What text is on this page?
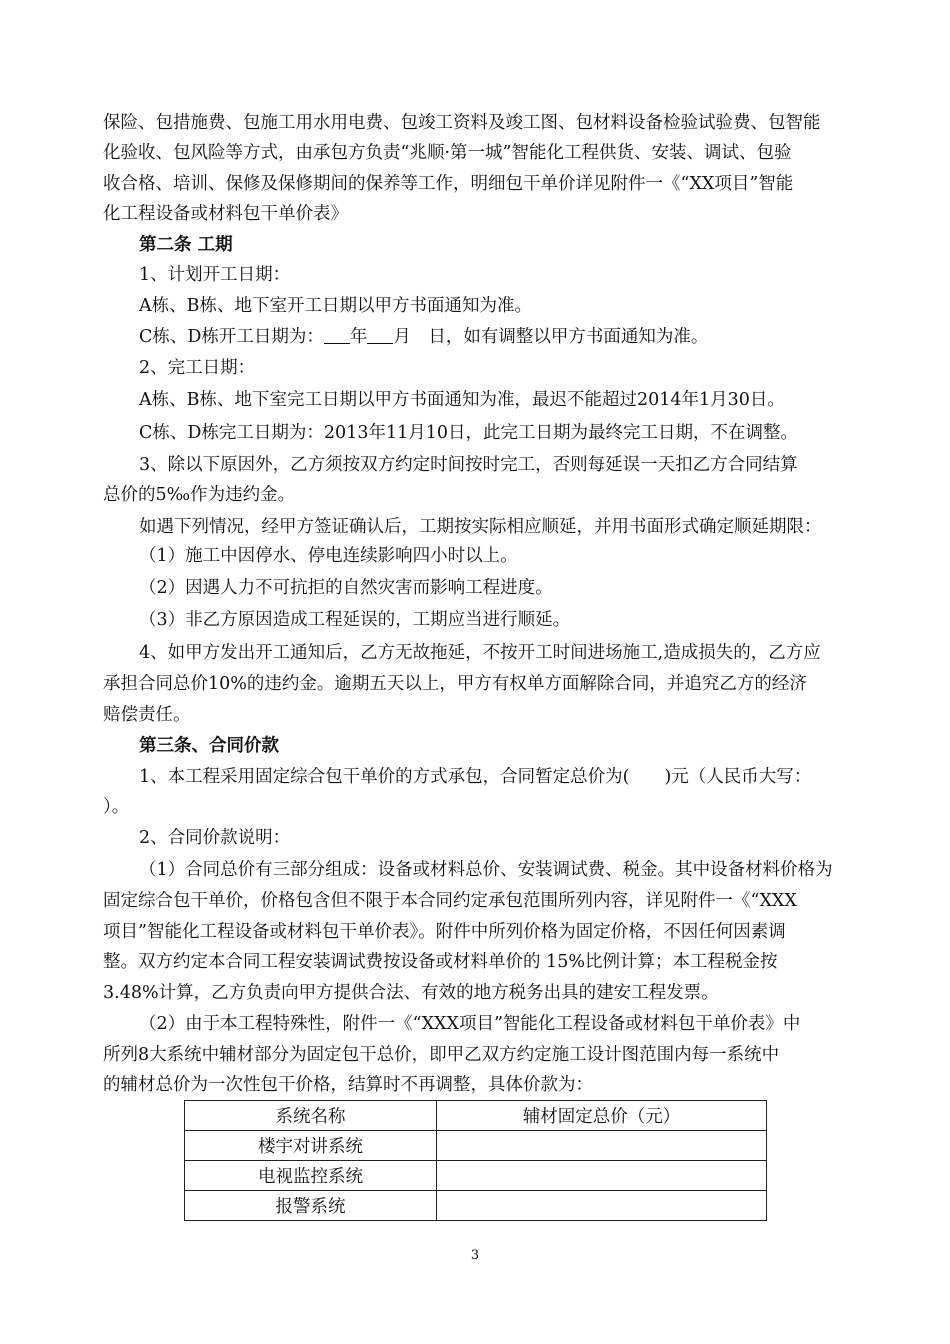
保险、包措施费、包施工用水用电费、包竣工资料及竣工图、包材料设备检验试验费、包智能
化验收、包风险等方式，由承包方负责“兆顺·第一城”智能化工程供货、安装、调试、包验
收合格、培训、保修及保修期间的保养等工作，明细包干单价详见附件一《“XX项目”智能
化工程设备或材料包干单价表》
第二条 工期
1、计划开工日期：
A栋、B栋、地下室开工日期以甲方书面通知为准。
C栋、D栋开工日期为： 年 月　日，如有调整以甲方书面通知为准。
2、完工日期：
A栋、B栋、地下室完工日期以甲方书面通知为准，最迟不能超过2014年1月30日。
C栋、D栋完工日期为：2013年11月10日，此完工日期为最终完工日期，不在调整。
3、除以下原因外，乙方须按双方约定时间按时完工，否则每延误一天扣乙方合同结算
总价的5‰作为违约金。
如遇下列情况，经甲方签证确认后，工期按实际相应顺延，并用书面形式确定顺延期限：
（1）施工中因停水、停电连续影响四小时以上。
（2）因遇人力不可抗拒的自然灾害而影响工程进度。
（3）非乙方原因造成工程延误的，工期应当进行顺延。
4、如甲方发出开工通知后，乙方无故拖延，不按开工时间进场施工,造成损失的，乙方应
承担合同总价10%的违约金。逾期五天以上，甲方有权单方面解除合同，并追究乙方的经济
赔偿责任。
第三条、合同价款
1、本工程采用固定综合包干单价的方式承包，合同暂定总价为(　　)元（人民币大写：
）。
2、合同价款说明：
（1）合同总价有三部分组成：设备或材料总价、安装调试费、税金。其中设备材料价格为
固定综合包干单价，价格包含但不限于本合同约定承包范围所列内容，详见附件一《“XXX
项目”智能化工程设备或材料包干单价表》。附件中所列价格为固定价格，不因任何因素调
整。双方约定本合同工程安装调试费按设备或材料单价的 15%比例计算；本工程税金按
3.48%计算，乙方负责向甲方提供合法、有效的地方税务出具的建安工程发票。
（2）由于本工程特殊性，附件一《“XXX项目”智能化工程设备或材料包干单价表》中
所列8大系统中辅材部分为固定包干总价，即甲乙双方约定施工设计图范围内每一系统中
的辅材总价为一次性包干价格，结算时不再调整，具体价款为：
系统名称	辅材固定总价（元）
楼宇对讲系统	
电视监控系统	
报警系统	
3
